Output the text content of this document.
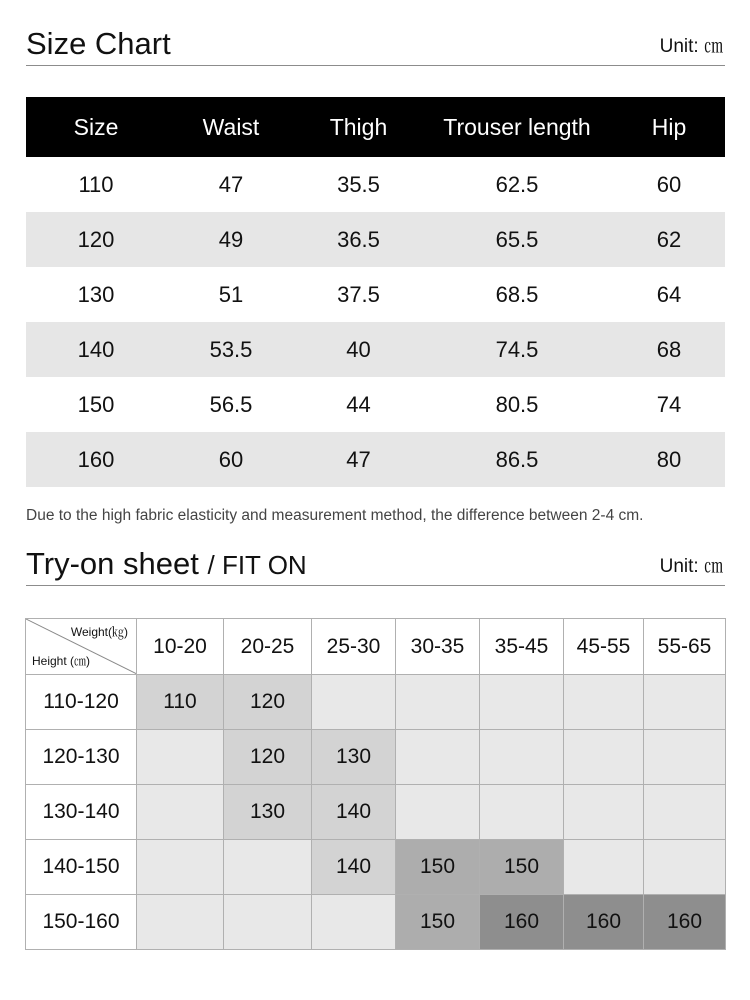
Size Chart	Unit: ㎝
Size	Waist	Thigh	Trouser length	Hip
110	47	35.5	62.5	60
120	49	36.5	65.5	62
130	51	37.5	68.5	64
140	53.5	40	74.5	68
150	56.5	44	80.5	74
160	60	47	86.5	80
Due to the high fabric elasticity and measurement method, the difference between 2-4 cm.
Try-on sheet / FIT ON	Unit: ㎝
Weight(㎏)
Height (㎝)	10-20	20-25	25-30	30-35	35-45	45-55	55-65
110-120	110	120					
120-130		120	130				
130-140		130	140				
140-150			140	150	150		
150-160				150	160	160	160
